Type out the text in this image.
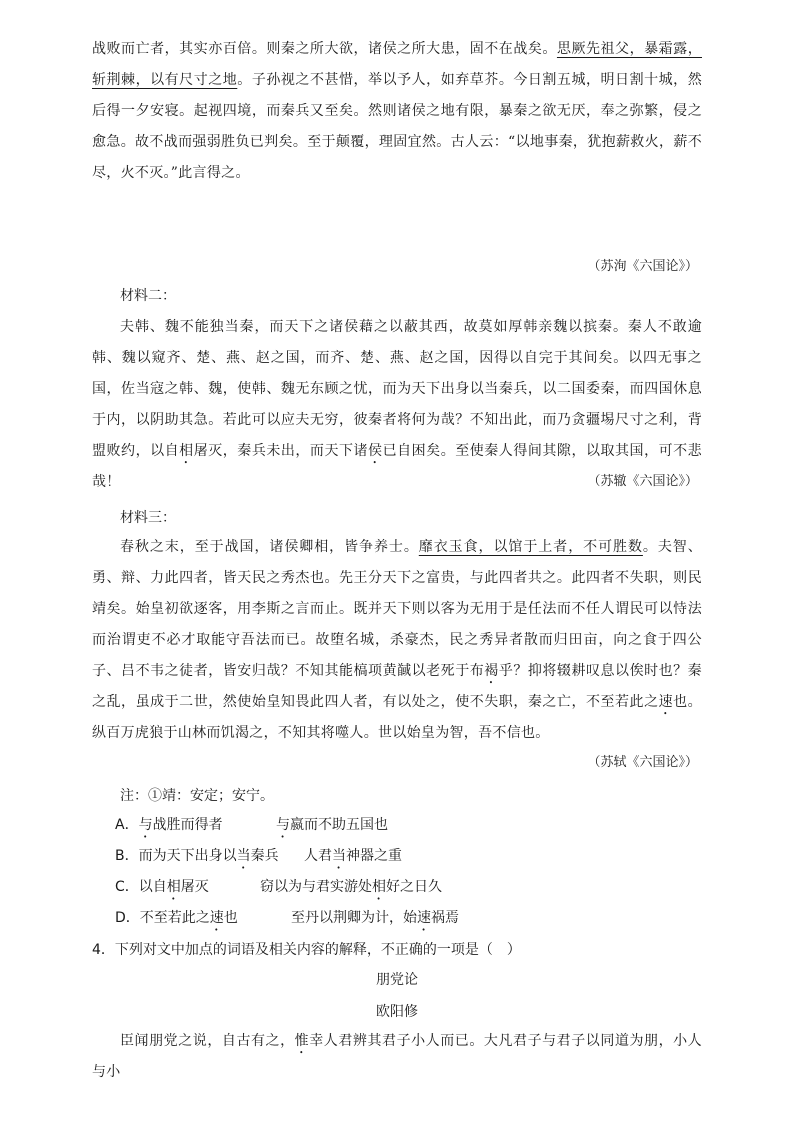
战败而亡者，其实亦百倍。则秦之所大欲，诸侯之所大患，固不在战矣。思厥先祖父，暴霜露，斩荆棘，以有尺寸之地。子孙视之不甚惜，举以予人，如弃草芥。今日割五城，明日割十城，然后得一夕安寝。起视四境，而秦兵又至矣。然则诸侯之地有限，暴秦之欲无厌，奉之弥繁，侵之愈急。故不战而强弱胜负已判矣。至于颠覆，理固宜然。古人云：“以地事秦，犹抱薪救火，薪不尽，火不灭。”此言得之。
（苏洵《六国论》）
材料二：
夫韩、魏不能独当秦，而天下之诸侯藉之以蔽其西，故莫如厚韩亲魏以摈秦。秦人不敢逾韩、魏以窥齐、楚、燕、赵之国，而齐、楚、燕、赵之国，因得以自完于其间矣。以四无事之国，佐当寇之韩、魏，使韩、魏无东顾之忧，而为天下出身以当秦兵，以二国委秦，而四国休息于内，以阴助其急。若此可以应夫无穷，彼秦者将何为哉？不知出此，而乃贪疆埸尺寸之利，背盟败约，以自相屠灭，秦兵未出，而天下诸侯已自困矣。至使秦人得间其隙，以取其国，可不悲哉！	（苏辙《六国论》）
材料三：
春秋之末，至于战国，诸侯卿相，皆争养士。靡衣玉食，以馆于上者，不可胜数。夫智、勇、辩、力此四者，皆天民之秀杰也。先王分天下之富贵，与此四者共之。此四者不失职，则民靖矣。始皇初欲逐客，用李斯之言而止。既并天下则以客为无用于是任法而不任人谓民可以恃法而治谓吏不必才取能守吾法而已。故堕名城，杀豪杰，民之秀异者散而归田亩，向之食于四公子、吕不韦之徒者，皆安归哉？不知其能槁项黄馘以老死于布褐乎？抑将辍耕叹息以俟时也？秦之乱，虽成于二世，然使始皇知畏此四人者，有以处之，使不失职，秦之亡，不至若此之速也。纵百万虎狼于山林而饥渴之，不知其将噬人。世以始皇为智，吾不信也。
（苏轼《六国论》）
注：①靖：安定；安宁。
A．与战胜而得者	与嬴而不助五国也
B．而为天下出身以当秦兵 人君当神器之重
C．以自相屠灭	窃以为与君实游处相好之日久
D．不至若此之速也	至丹以荆卿为计，始速祸焉
4．下列对文中加点的词语及相关内容的解释，不正确的一项是（　）
朋党论
欧阳修
臣闻朋党之说，自古有之，惟幸人君辨其君子小人而已。大凡君子与君子以同道为朋，小人与小
